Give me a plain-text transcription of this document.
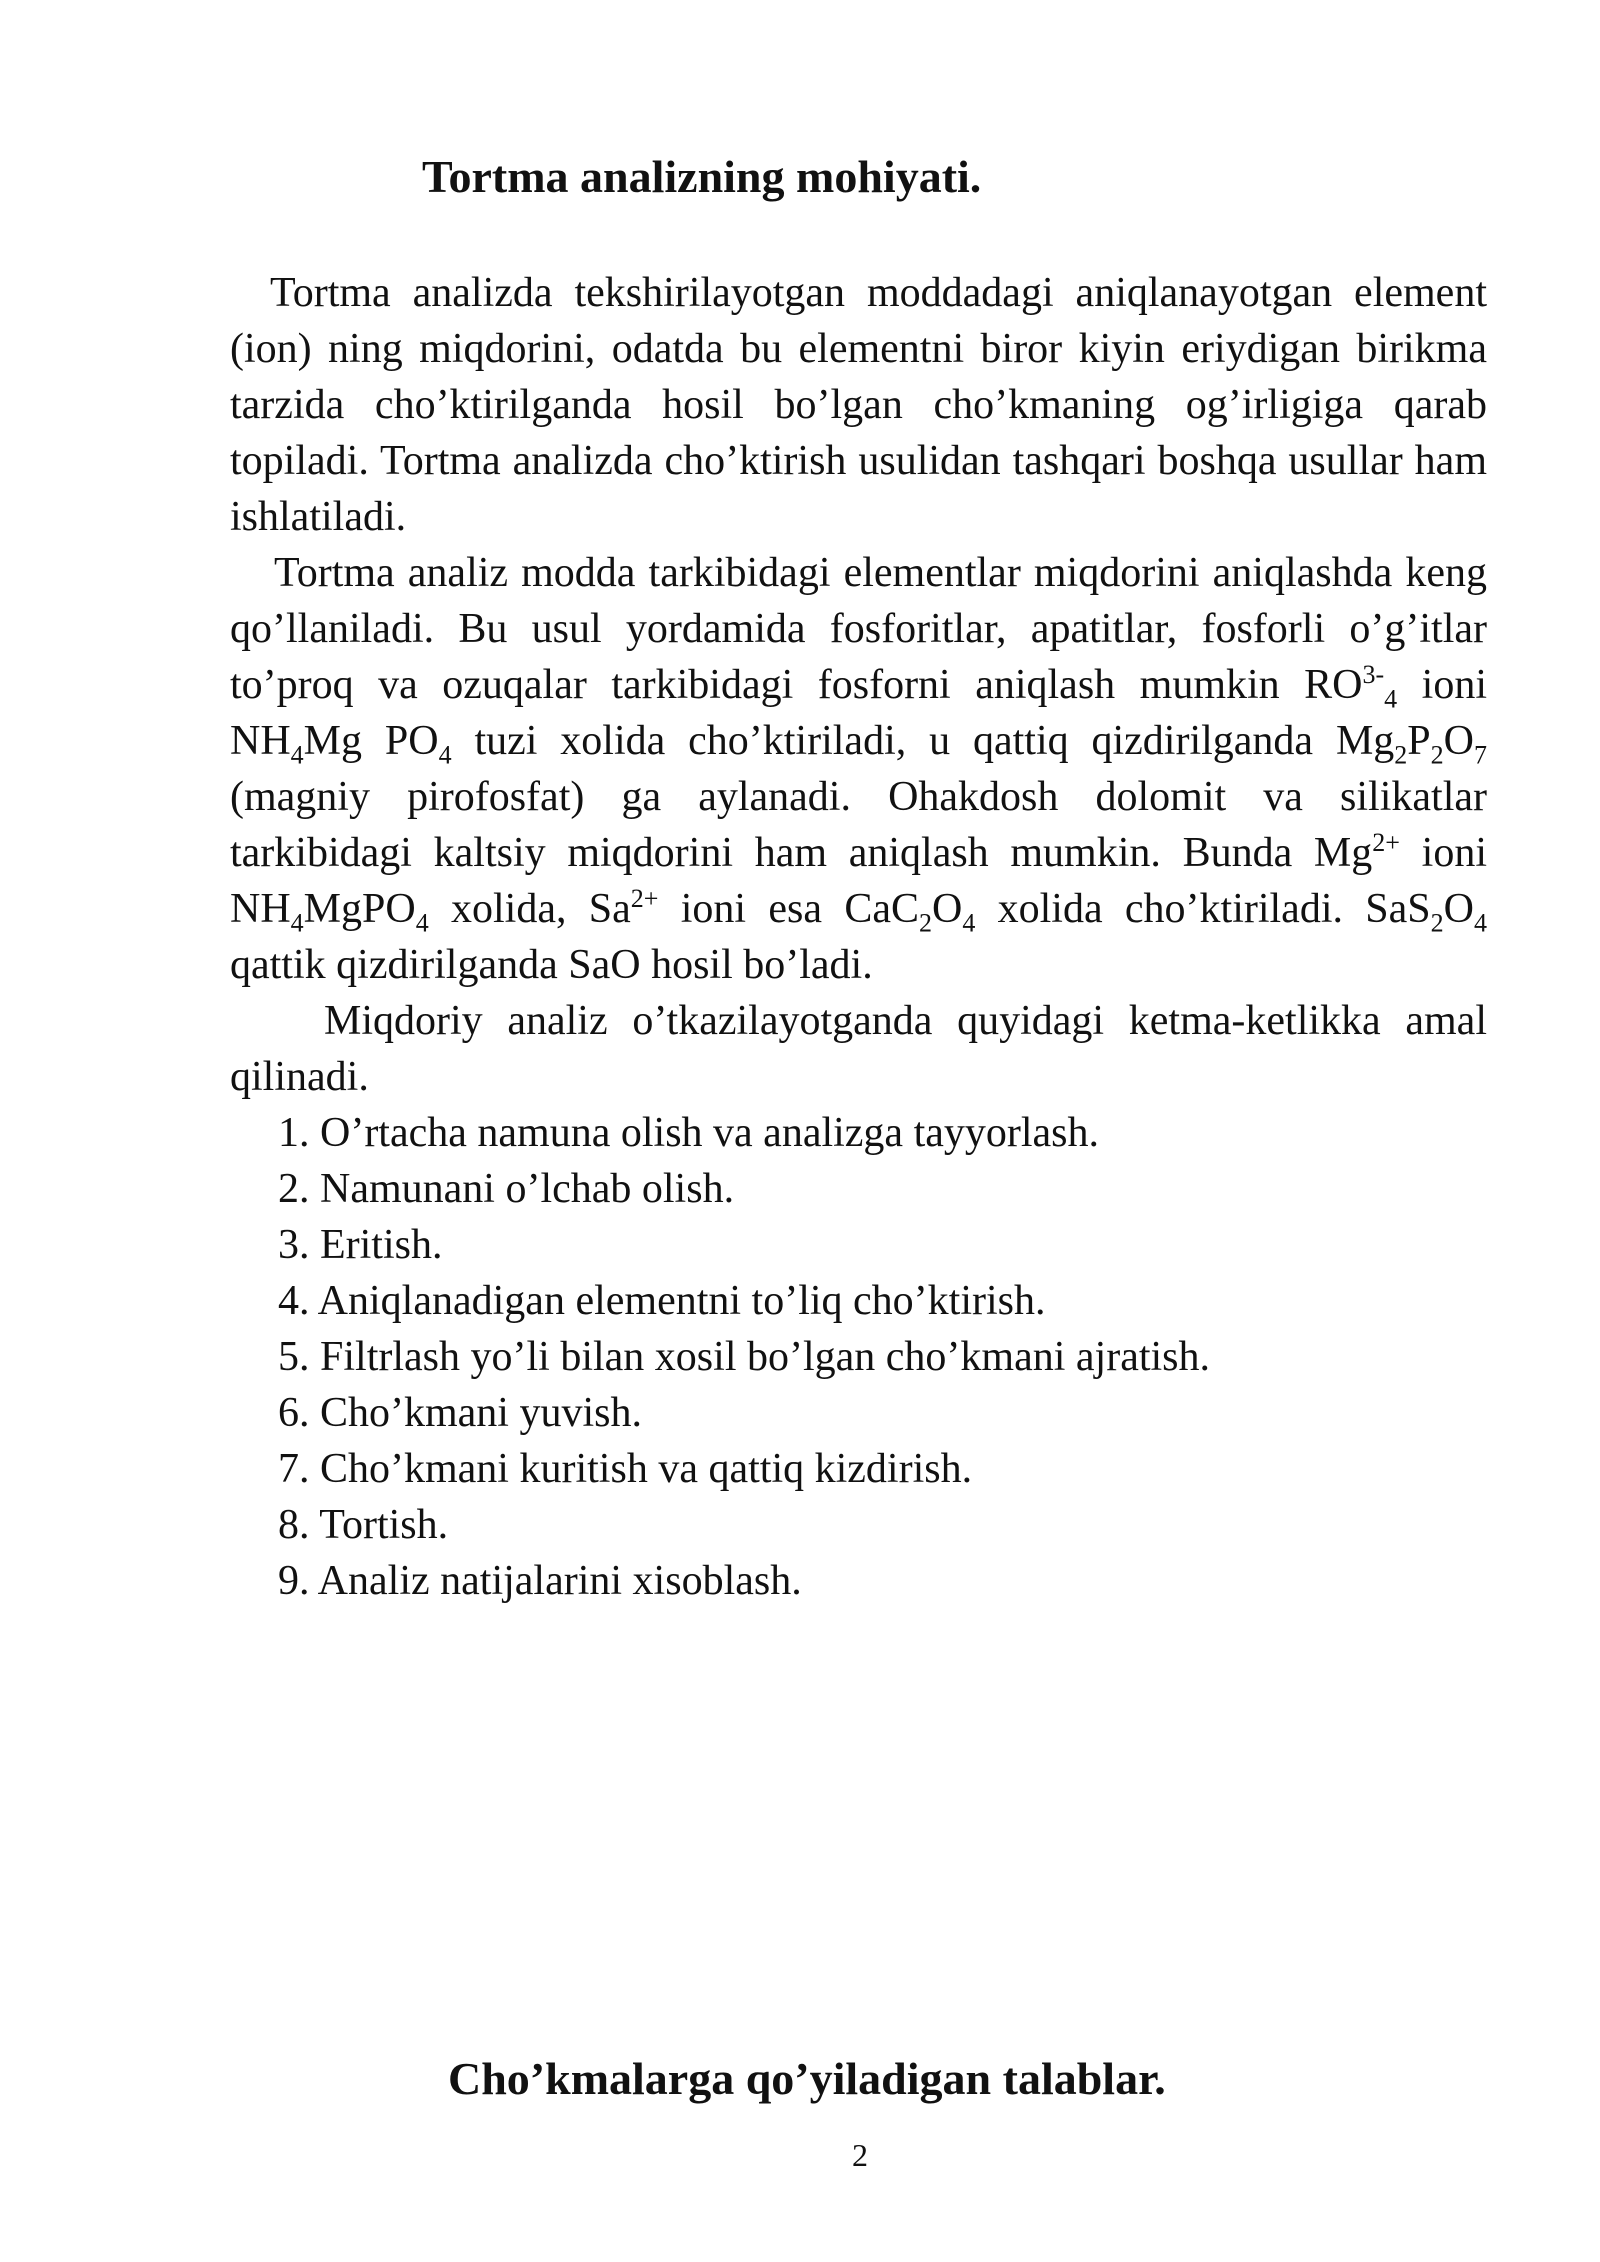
Tortma analizning mohiyati.

Tortma analizda tekshirilayotgan moddadagi aniqlanayotgan element (ion) ning miqdorini, odatda bu elementni biror kiyin eriydigan birikma tarzida cho’ktirilganda hosil bo’lgan cho’kmaning og’irligiga qarab topiladi. Tortma analizda cho’ktirish usulidan tashqari boshqa usullar ham ishlatiladi.

Tortma analiz modda tarkibidagi elementlar miqdorini aniqlashda keng qo’llaniladi. Bu usul yordamida fosforitlar, apatitlar, fosforli o’g’itlar to’proq va ozuqalar tarkibidagi fosforni aniqlash mumkin $RO^{3-}_4$ ioni $NH_4Mg$ $PO_4$ tuzi xolida cho’ktiriladi, u qattiq qizdirilganda $Mg_2P_2O_7$ (magniy pirofosfat) ga aylanadi. Ohakdosh dolomit va silikatlar tarkibidagi kaltsiy miqdorini ham aniqlash mumkin. Bunda $Mg^{2+}$ ioni $NH_4MgPO_4$ xolida, $Sa^{2+}$ ioni esa $CaC_2O_4$ xolida cho’ktiriladi. $SaS_2O_4$ qattik qizdirilganda SaO hosil bo’ladi.

Miqdoriy analiz o’tkazilayotganda quyidagi ketma-ketlikka amal qilinadi.

1. O’rtacha namuna olish va analizga tayyorlash.
2. Namunani o’lchab olish.
3. Eritish.
4. Aniqlanadigan elementni to’liq cho’ktirish.
5. Filtrlash yo’li bilan xosil bo’lgan cho’kmani ajratish.
6. Cho’kmani yuvish.
7. Cho’kmani kuritish va qattiq kizdirish.
8. Tortish.
9. Analiz natijalarini xisoblash.
Cho’kmalarga qo’yiladigan talablar.
2
